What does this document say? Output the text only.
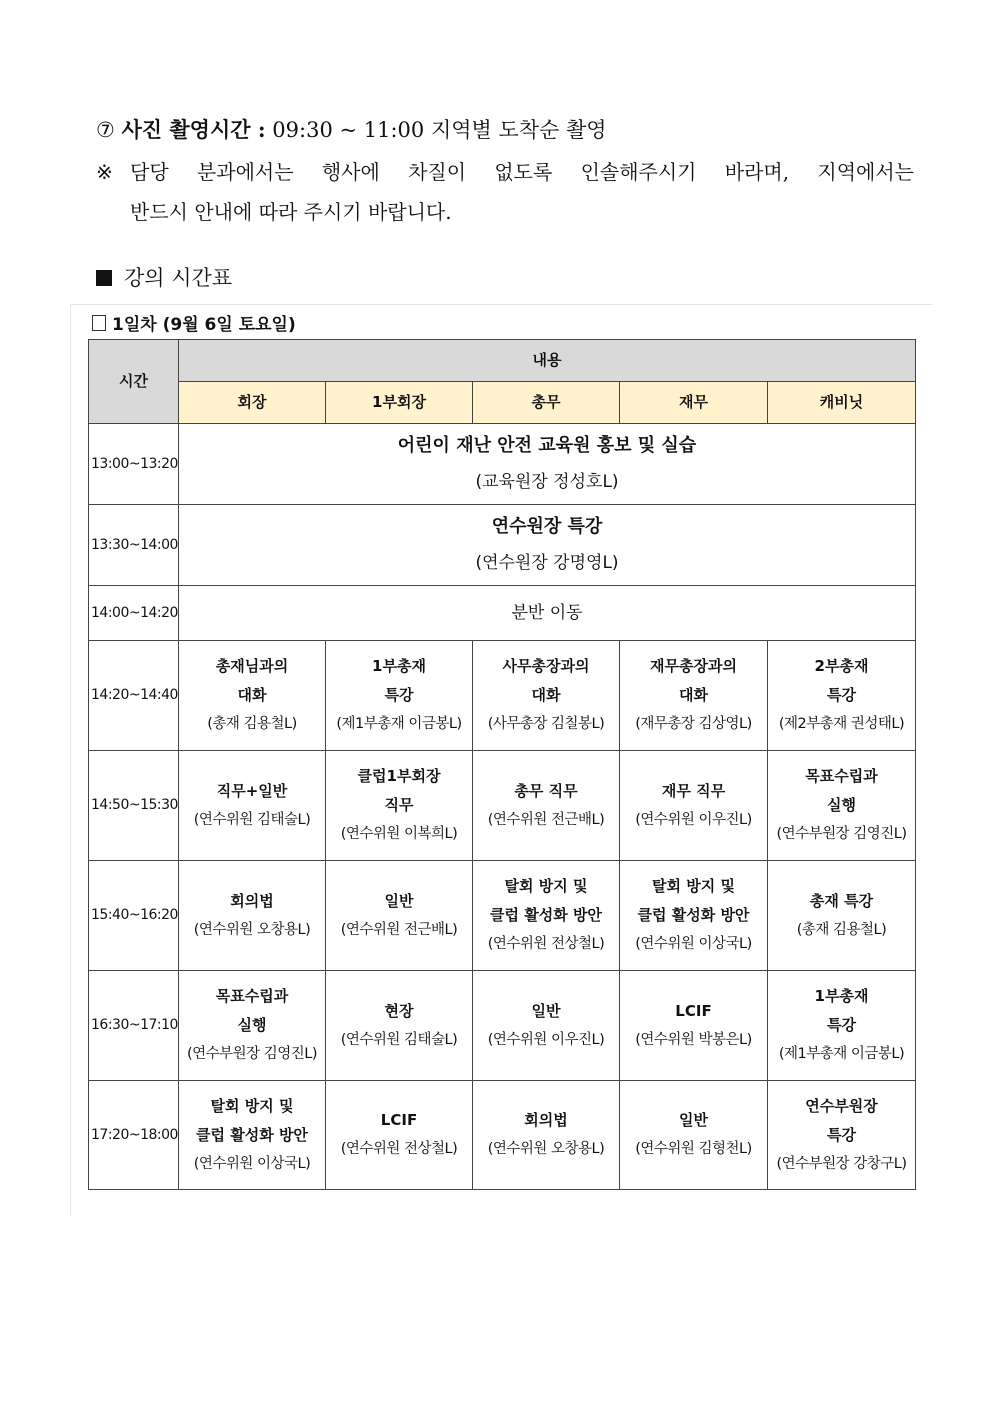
⑦ 사진 촬영시간 : 09:30 ~ 11:00 지역별 도착순 촬영
※ 담당 분과에서는 행사에 차질이 없도록 인솔해주시기 바라며, 지역에서는
반드시 안내에 따라 주시기 바랍니다.
강의 시간표
1일차 (9월 6일 토요일)
시간	내용				
	회장	1부회장	총무	재무	캐비닛
13:00~13:20	어린이 재난 안전 교육원 홍보 및 실습
(교육원장 정성호L)				

13:30~14:00	연수원장 특강
(연수원장 강명영L)				

14:00~14:20	분반 이동				
14:20~14:40	총재님과의
대화
(총재 김용철L)	1부총재
특강
(제1부총재 이금봉L)	사무총장과의
대화
(사무총장 김칠봉L)	재무총장과의
대화
(재무총장 김상영L)	2부총재
특강
(제2부총재 권성태L)

14:50~15:30	직무+일반
(연수위원 김태술L)	클럽1부회장
직무
(연수위원 이복희L)	총무 직무
(연수위원 전근배L)	재무 직무
(연수위원 이우진L)	목표수립과
실행
(연수부원장 김영진L)

15:40~16:20	회의법
(연수위원 오창용L)	일반
(연수위원 전근배L)	탈회 방지 및
클럽 활성화 방안
(연수위원 전상철L)	탈회 방지 및
클럽 활성화 방안
(연수위원 이상국L)	총재 특강
(총재 김용철L)

16:30~17:10	목표수립과
실행
(연수부원장 김영진L)	현장
(연수위원 김태술L)	일반
(연수위원 이우진L)	LCIF
(연수위원 박봉은L)	1부총재
특강
(제1부총재 이금봉L)

17:20~18:00	탈회 방지 및
클럽 활성화 방안
(연수위원 이상국L)	LCIF
(연수위원 전상철L)	회의법
(연수위원 오창용L)	일반
(연수위원 김형천L)	연수부원장
특강
(연수부원장 강창구L)
